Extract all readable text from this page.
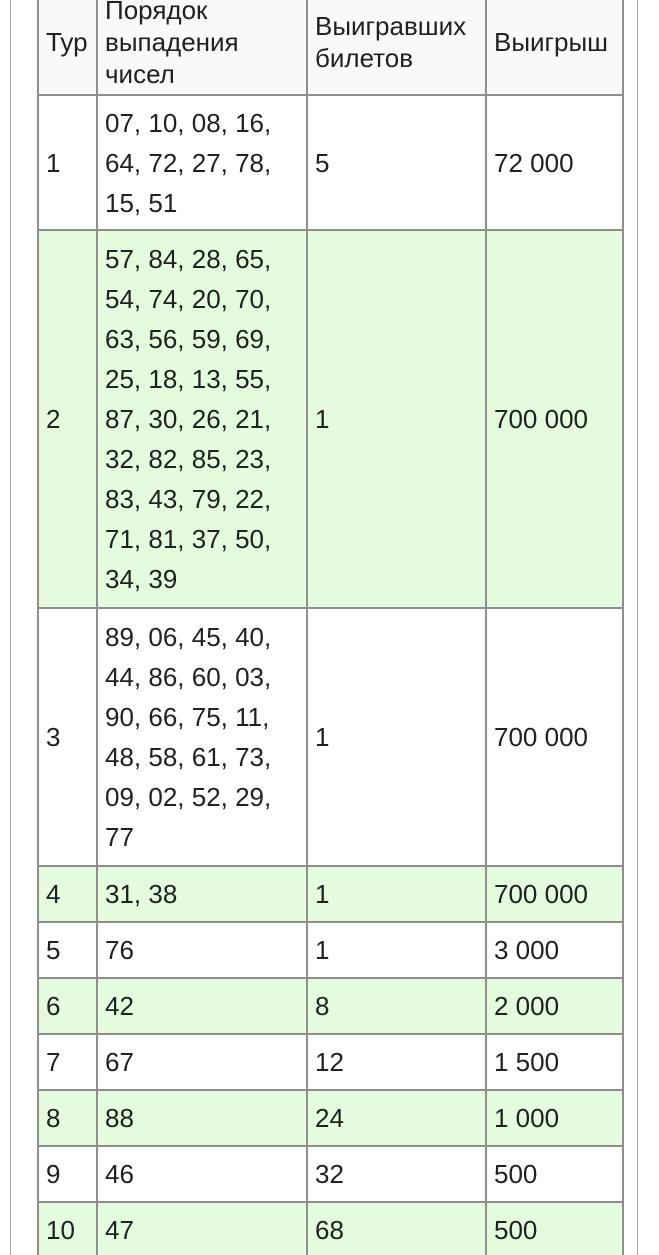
Тур	Порядок выпадения чисел	Выигравших билетов	Выигрыш
1	07, 10, 08, 16, 64, 72, 27, 78, 15, 51	5	72 000
2	57, 84, 28, 65, 54, 74, 20, 70, 63, 56, 59, 69, 25, 18, 13, 55, 87, 30, 26, 21, 32, 82, 85, 23, 83, 43, 79, 22, 71, 81, 37, 50, 34, 39	1	700 000
3	89, 06, 45, 40, 44, 86, 60, 03, 90, 66, 75, 11, 48, 58, 61, 73, 09, 02, 52, 29, 77	1	700 000
4	31, 38	1	700 000
5	76	1	3 000
6	42	8	2 000
7	67	12	1 500
8	88	24	1 000
9	46	32	500
10	47	68	500
